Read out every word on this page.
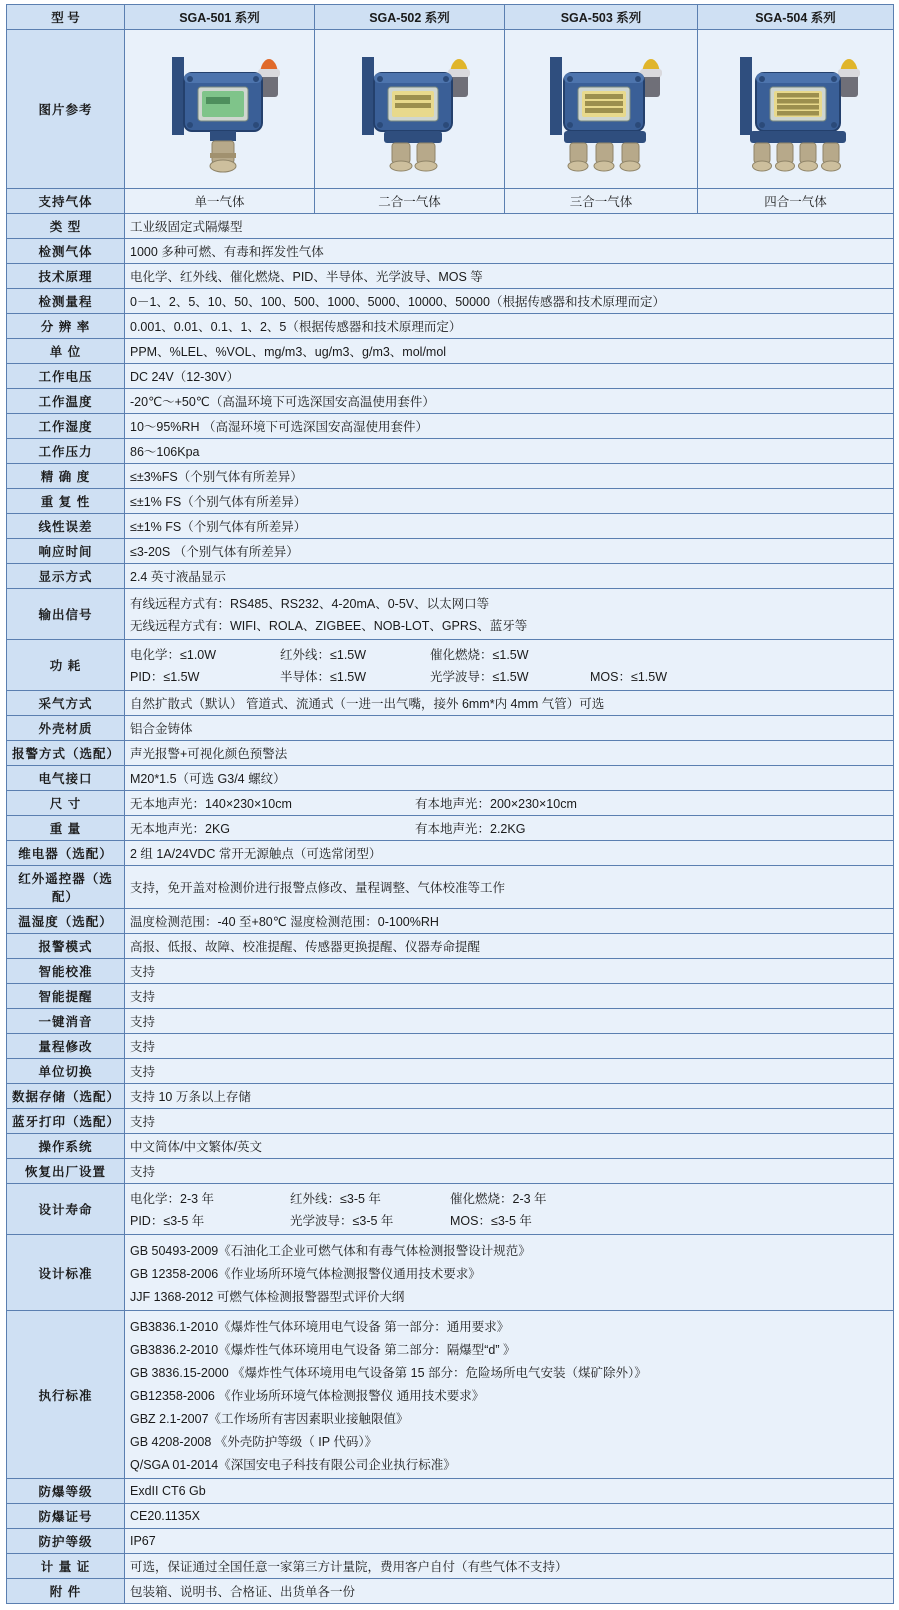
型 号	SGA-501 系列	SGA-502 系列	SGA-503 系列	SGA-504 系列
图片参考	

支持气体	单一气体	二合一气体	三合一气体	四合一气体
类 型	工业级固定式隔爆型			
检测气体	1000 多种可燃、有毒和挥发性气体			
技术原理	电化学、红外线、催化燃烧、PID、半导体、光学波导、MOS 等			
检测量程	0－1、2、5、10、50、100、500、1000、5000、10000、50000（根据传感器和技术原理而定）			
分 辨 率	0.001、0.01、0.1、1、2、5（根据传感器和技术原理而定）			
单 位	PPM、%LEL、%VOL、mg/m3、ug/m3、g/m3、mol/mol			
工作电压	DC 24V（12-30V）			
工作温度	-20℃～+50℃（高温环境下可选深国安高温使用套件）			
工作湿度	10～95%RH （高湿环境下可选深国安高湿使用套件）			
工作压力	86～106Kpa			
精 确 度	≤±3%FS（个别气体有所差异）			
重 复 性	≤±1% FS（个别气体有所差异）			
线性误差	≤±1% FS（个别气体有所差异）			
响应时间	≤3-20S （个别气体有所差异）			
显示方式	2.4 英寸液晶显示			
输出信号	有线远程方式有：RS485、RS232、4-20mA、0-5V、以太网口等
无线远程方式有：WIFI、ROLA、ZIGBEE、NOB-LOT、GPRS、蓝牙等			

功 耗	
电化学：≤1.0W	红外线：≤1.5W	催化燃烧：≤1.5W
PID：≤1.5W	半导体：≤1.5W	光学波导：≤1.5W	MOS：≤1.5W

采气方式	自然扩散式（默认） 管道式、流通式（一进一出气嘴，接外 6mm*内 4mm 气管）可选			
外壳材质	铝合金铸体			
报警方式（选配）	声光报警+可视化颜色预警法			
电气接口	M20*1.5（可选 G3/4 螺纹）			
尺 寸	无本地声光：140×230×10cm 有本地声光：200×230×10cm			
重 量	无本地声光：2KG 有本地声光：2.2KG			
维电器（选配）	2 组 1A/24VDC 常开无源触点（可选常闭型）			
红外遥控器（选配）	支持，免开盖对检测价进行报警点修改、量程调整、气体校准等工作			
温湿度（选配）	温度检测范围：-40 至+80℃ 湿度检测范围：0-100%RH			
报警模式	高报、低报、故障、校准提醒、传感器更换提醒、仪器寿命提醒			
智能校准	支持			
智能提醒	支持			
一键消音	支持			
量程修改	支持			
单位切换	支持			
数据存储（选配）	支持 10 万条以上存储			
蓝牙打印（选配）	支持			
操作系统	中文简体/中文繁体/英文			
恢复出厂设置	支持			
设计寿命	
电化学：2-3 年	红外线：≤3-5 年	催化燃烧：2-3 年
PID：≤3-5 年	光学波导：≤3-5 年	MOS：≤3-5 年

设计标准	GB 50493-2009《石油化工企业可燃气体和有毒气体检测报警设计规范》
GB 12358-2006《作业场所环境气体检测报警仪通用技术要求》
JJF 1368-2012 可燃气体检测报警器型式评价大纲			

执行标准	
GB3836.1-2010《爆炸性气体环境用电气设备 第一部分：通用要求》
GB3836.2-2010《爆炸性气体环境用电气设备 第二部分：隔爆型“d” 》
GB 3836.15-2000 《爆炸性气体环境用电气设备第 15 部分：危险场所电气安装（煤矿除外）》
GB12358-2006 《作业场所环境气体检测报警仪 通用技术要求》
GBZ 2.1-2007《工作场所有害因素职业接触限值》
GB 4208-2008 《外壳防护等级（ IP 代码）》
Q/SGA 01-2014《深国安电子科技有限公司企业执行标准》

防爆等级	ExdII CT6 Gb			
防爆证号	CE20.1135X			
防护等级	IP67			
计 量 证	可选，保证通过全国任意一家第三方计量院，费用客户自付（有些气体不支持）			
附 件	包装箱、说明书、合格证、出货单各一份			
